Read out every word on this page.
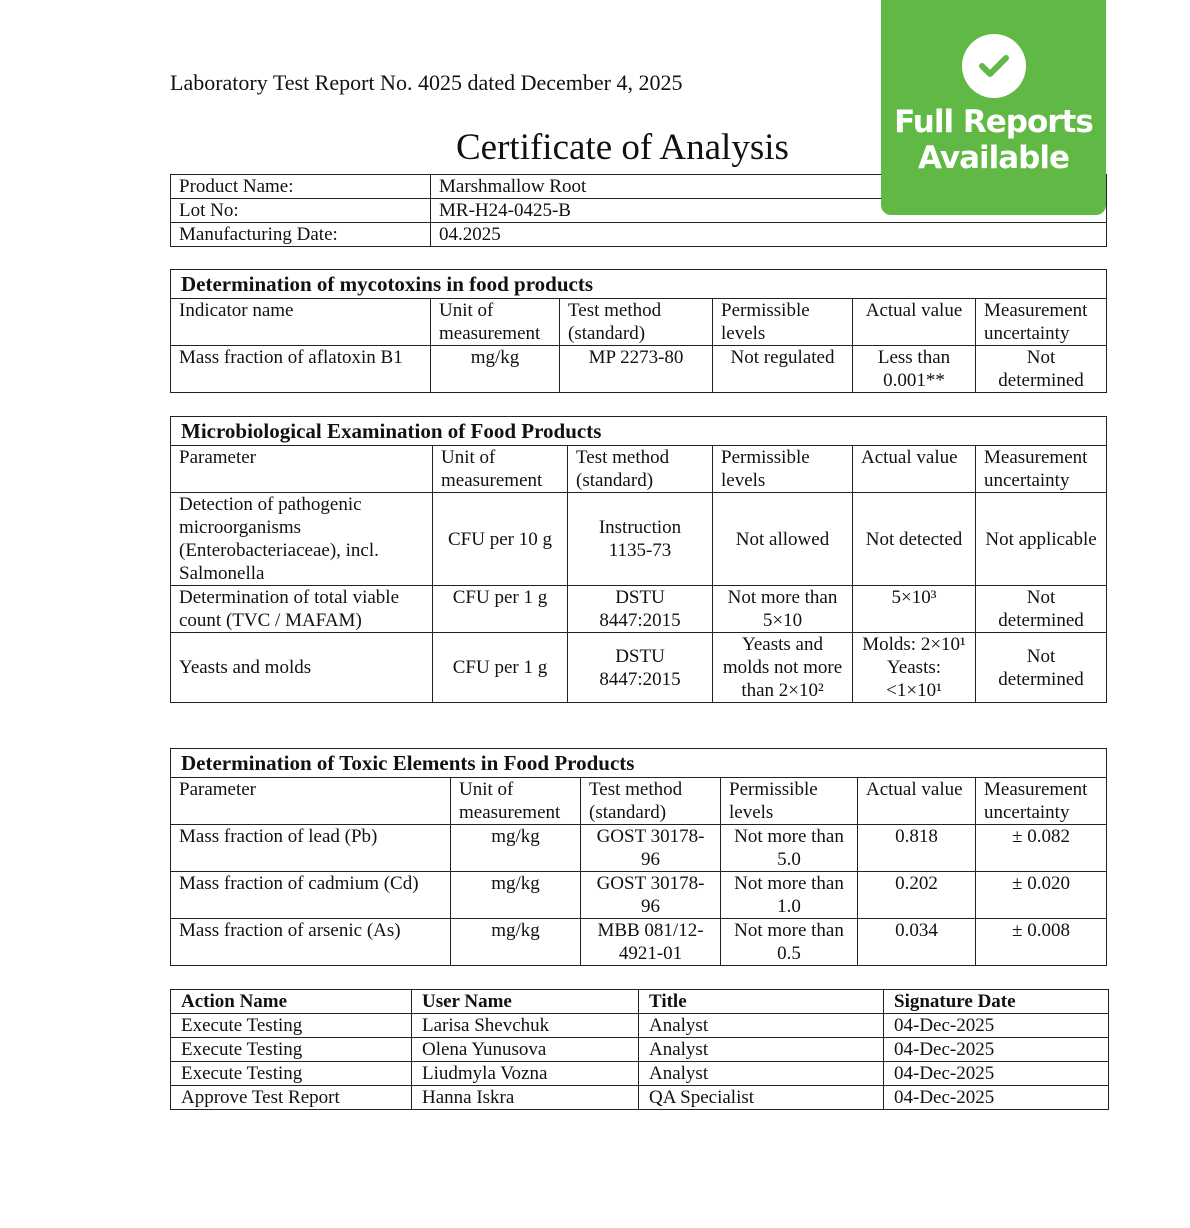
Laboratory Test Report No. 4025 dated December 4, 2025
Certificate of Analysis
Product Name:	Marshmallow Root
Lot No:	MR-H24-0425-B
Manufacturing Date:	04.2025
Full Reports
Available
Determination of mycotoxins in food products					
Indicator name	Unit of measurement	Test method (standard)	Permissible levels	Actual value	Measurement uncertainty
Mass fraction of aflatoxin B1	mg/kg	MP 2273-80	Not regulated	Less than 0.001**	Not determined
Microbiological Examination of Food Products					
Parameter	Unit of measurement	Test method (standard)	Permissible levels	Actual value	Measurement uncertainty
Detection of pathogenic microorganisms (Enterobacteriaceae), incl. Salmonella	CFU per 10 g	Instruction 1135-73	Not allowed	Not detected	Not applicable
Determination of total viable count (TVC / MAFAM)	CFU per 1 g	DSTU 8447:2015	Not more than 5×10	5×10³	Not determined
Yeasts and molds	CFU per 1 g	DSTU 8447:2015	Yeasts and molds not more than 2×10²	Molds: 2×10¹ Yeasts: <1×10¹	Not determined
Determination of Toxic Elements in Food Products					
Parameter	Unit of measurement	Test method (standard)	Permissible levels	Actual value	Measurement uncertainty
Mass fraction of lead (Pb)	mg/kg	GOST 30178-96	Not more than 5.0	0.818	± 0.082
Mass fraction of cadmium (Cd)	mg/kg	GOST 30178-96	Not more than 1.0	0.202	± 0.020
Mass fraction of arsenic (As)	mg/kg	MBB 081/12-4921-01	Not more than 0.5	0.034	± 0.008
Action Name	User Name	Title	Signature Date
Execute Testing	Larisa Shevchuk	Analyst	04-Dec-2025
Execute Testing	Olena Yunusova	Analyst	04-Dec-2025
Execute Testing	Liudmyla Vozna	Analyst	04-Dec-2025
Approve Test Report	Hanna Iskra	QA Specialist	04-Dec-2025
